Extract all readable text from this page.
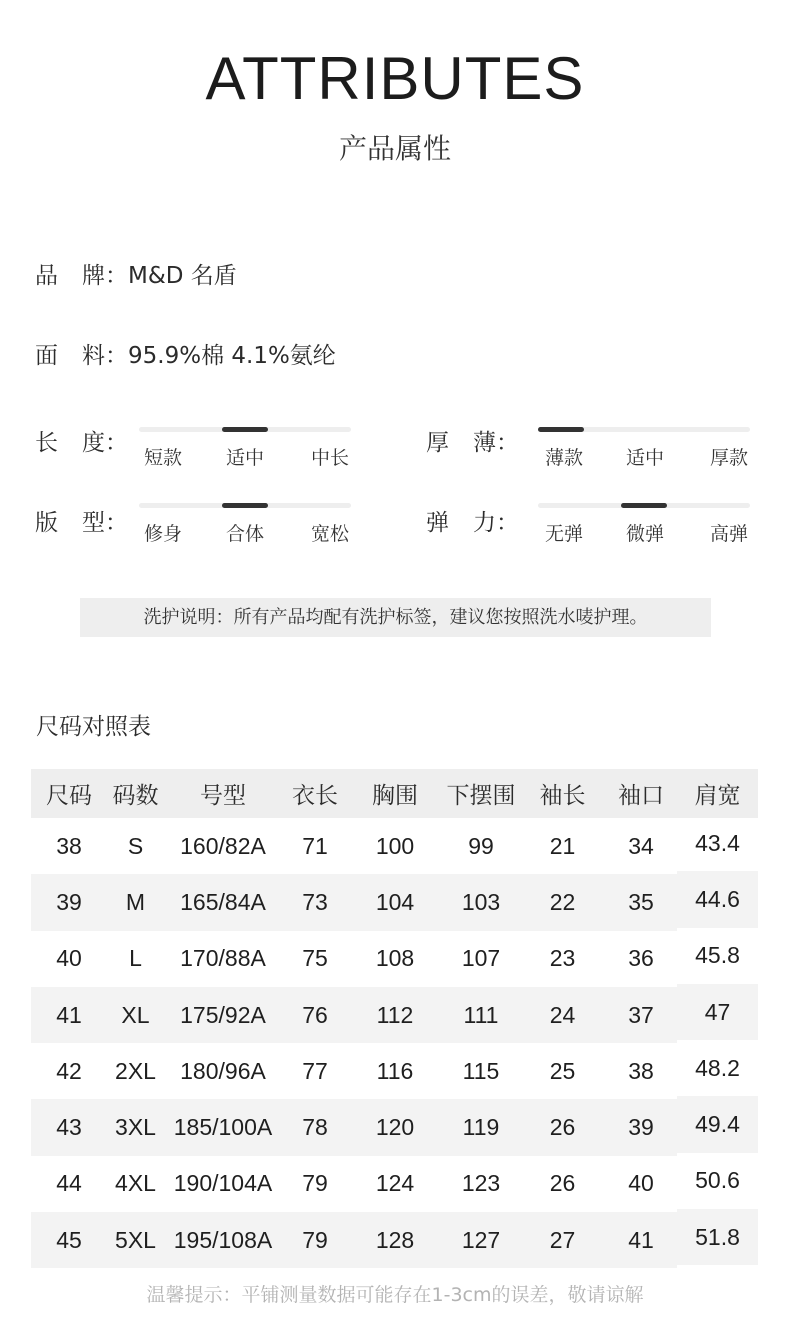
ATTRIBUTES
产品属性
品 牌：M&D 名盾
面 料：95.9%棉 4.1%氨纶
长 度：
短款	适中	中长
厚 薄：
薄款	适中	厚款
版 型： 修身	合体	宽松	弹 力：	无弹	微弹	高弹
洗护说明：所有产品均配有洗护标签，建议您按照洗水唛护理。
尺码对照表
尺码	码数	号型	衣长	胸围	下摆围	袖长	袖口	肩宽
38	S	160/82A	71	100	99	21	34	43.4
39	M	165/84A	73	104	103	22	35	44.6
40	L	170/88A	75	108	107	23	36	45.8
41	XL	175/92A	76	112	111	24	37	47
42	2XL	180/96A	77	116	115	25	38	48.2
43	3XL	185/100A	78	120	119	26	39	49.4
44	4XL	190/104A	79	124	123	26	40	50.6
45	5XL	195/108A	79	128	127	27	41	51.8
温馨提示：平铺测量数据可能存在1-3cm的误差，敬请谅解
